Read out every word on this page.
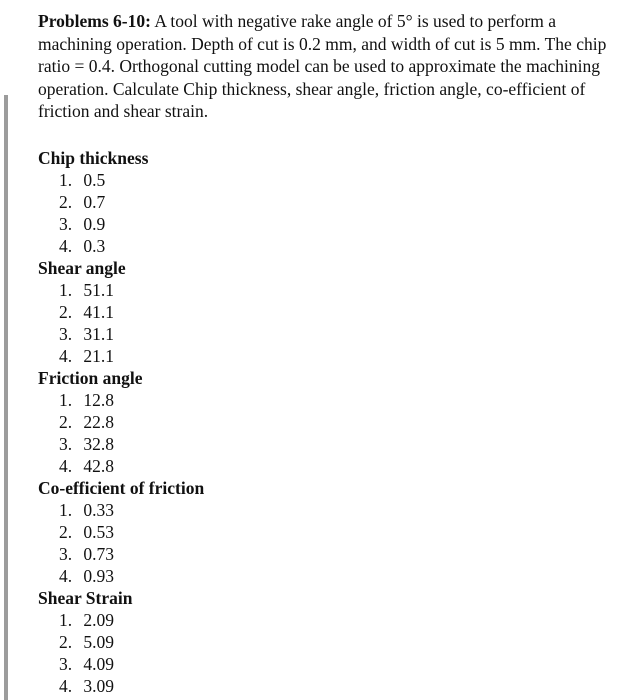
Problems 6-10: A tool with negative rake angle of 5° is used to perform a machining operation. Depth of cut is 0.2 mm, and width of cut is 5 mm. The chip ratio = 0.4. Orthogonal cutting model can be used to approximate the machining operation. Calculate Chip thickness, shear angle, friction angle, co-efficient of friction and shear strain.

Chip thickness

1. 0.5
2. 0.7
3. 0.9
4. 0.3

Shear angle

1. 51.1
2. 41.1
3. 31.1
4. 21.1

Friction angle

1. 12.8
2. 22.8
3. 32.8
4. 42.8

Co-efficient of friction

1. 0.33
2. 0.53
3. 0.73
4. 0.93

Shear Strain

1. 2.09
2. 5.09
3. 4.09
4. 3.09
